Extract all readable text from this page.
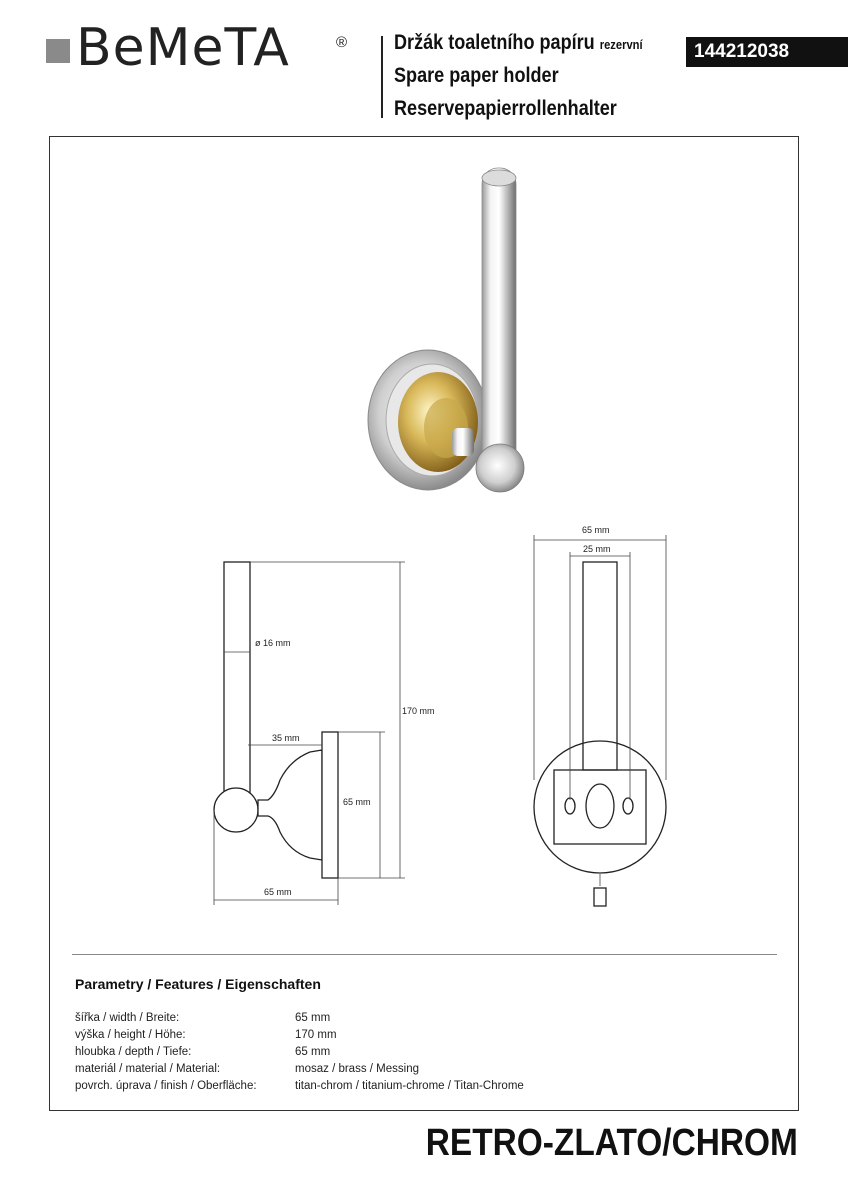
BeMeTA	® Držák toaletního papíru rezervní
Spare paper holder
Reservepapierrollenhalter
144212038
ø 16 mm
35 mm
170 mm
65 mm
65 mm
65 mm
25 mm
Parametry / Features / Eigenschaften
šířka / width / Breite:	65 mm
výška / height / Höhe:	170 mm
hloubka / depth / Tiefe:	65 mm
materiál / material / Material:	mosaz / brass / Messing
povrch. úprava / finish / Oberfläche:	titan-chrom / titanium-chrome / Titan-Chrome
RETRO-ZLATO/CHROM
